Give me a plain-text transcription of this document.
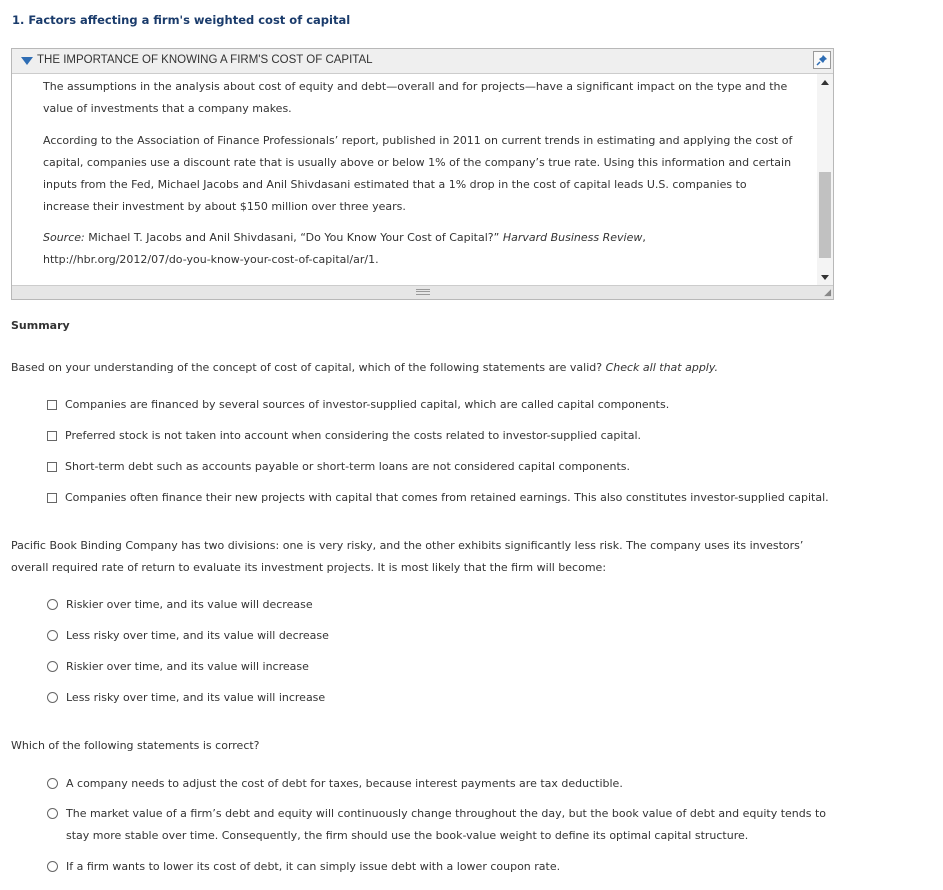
1. Factors affecting a firm's weighted cost of capital
THE IMPORTANCE OF KNOWING A FIRM'S COST OF CAPITAL

The assumptions in the analysis about cost of equity and debt—overall and for projects—have a significant impact on the type and the value of investments that a company makes.

According to the Association of Finance Professionals’ report, published in 2011 on current trends in estimating and applying the cost of capital, companies use a discount rate that is usually above or below 1% of the company’s true rate. Using this information and certain inputs from the Fed, Michael Jacobs and Anil Shivdasani estimated that a 1% drop in the cost of capital leads U.S. companies to increase their investment by about $150 million over three years.

Source: Michael T. Jacobs and Anil Shivdasani, “Do You Know Your Cost of Capital?” Harvard Business Review,
http://hbr.org/2012/07/do-you-know-your-cost-of-capital/ar/1.

◢
Summary
Based on your understanding of the concept of cost of capital, which of the following statements are valid? Check all that apply.
Companies are financed by several sources of investor-supplied capital, which are called capital components.
Preferred stock is not taken into account when considering the costs related to investor-supplied capital.
Short-term debt such as accounts payable or short-term loans are not considered capital components.
Companies often finance their new projects with capital that comes from retained earnings. This also constitutes investor-supplied capital.
Pacific Book Binding Company has two divisions: one is very risky, and the other exhibits significantly less risk. The company uses its investors’ overall required rate of return to evaluate its investment projects. It is most likely that the firm will become:
Riskier over time, and its value will decrease
Less risky over time, and its value will decrease
Riskier over time, and its value will increase
Less risky over time, and its value will increase
Which of the following statements is correct?
A company needs to adjust the cost of debt for taxes, because interest payments are tax deductible.
The market value of a firm’s debt and equity will continuously change throughout the day, but the book value of debt and equity tends to stay more stable over time. Consequently, the firm should use the book-value weight to define its optimal capital structure.
If a firm wants to lower its cost of debt, it can simply issue debt with a lower coupon rate.
